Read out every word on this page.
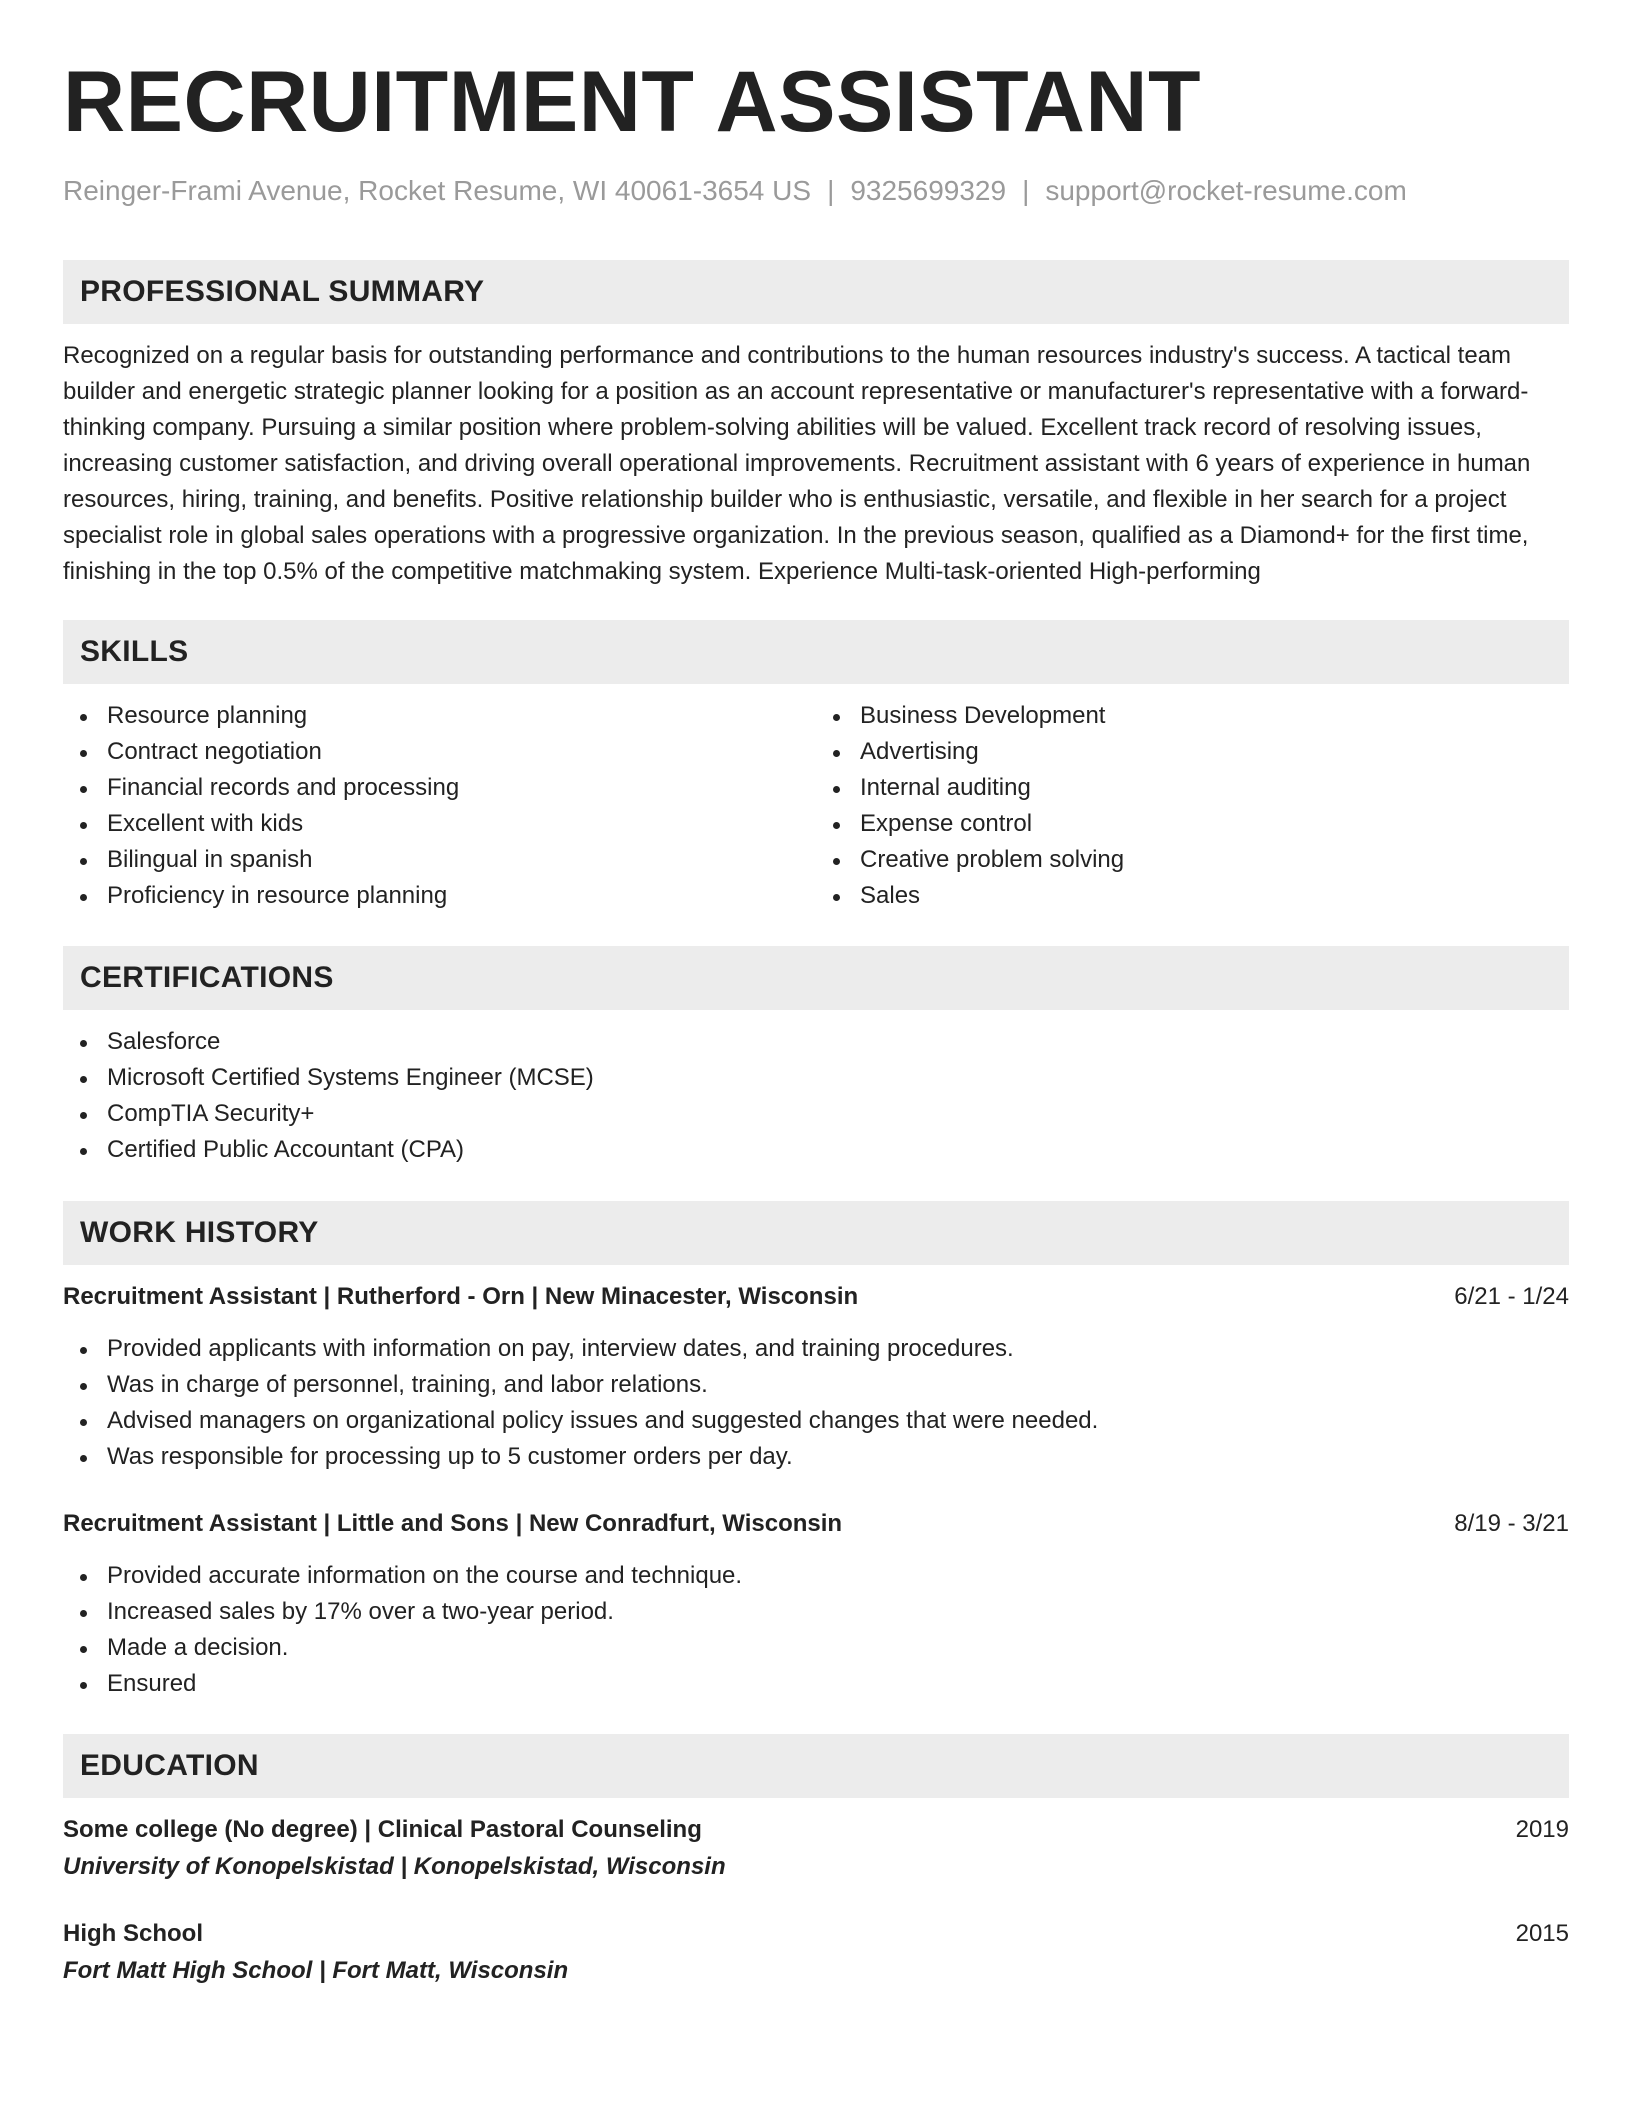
RECRUITMENT ASSISTANT
Reinger-Frami Avenue, Rocket Resume, WI 40061-3654 US | 9325699329 | support@rocket-resume.com
PROFESSIONAL SUMMARY

Recognized on a regular basis for outstanding performance and contributions to the human resources industry's success. A tactical team builder and energetic strategic planner looking for a position as an account representative or manufacturer's representative with a forward-thinking company. Pursuing a similar position where problem-solving abilities will be valued. Excellent track record of resolving issues, increasing customer satisfaction, and driving overall operational improvements. Recruitment assistant with 6 years of experience in human resources, hiring, training, and benefits. Positive relationship builder who is enthusiastic, versatile, and flexible in her search for a project specialist role in global sales operations with a progressive organization. In the previous season, qualified as a Diamond+ for the first time, finishing in the top 0.5% of the competitive matchmaking system. Experience Multi-task-oriented High-performing

SKILLS
Resource planning
Contract negotiation
Financial records and processing
Excellent with kids
Bilingual in spanish
Proficiency in resource planning
Business Development
Advertising
Internal auditing
Expense control
Creative problem solving
Sales
CERTIFICATIONS
Salesforce
Microsoft Certified Systems Engineer (MCSE)
CompTIA Security+
Certified Public Accountant (CPA)
WORK HISTORY
Recruitment Assistant | Rutherford - Orn | New Minacester, Wisconsin	6/21 - 1/24
Provided applicants with information on pay, interview dates, and training procedures.
Was in charge of personnel, training, and labor relations.
Advised managers on organizational policy issues and suggested changes that were needed.
Was responsible for processing up to 5 customer orders per day.
Recruitment Assistant | Little and Sons | New Conradfurt, Wisconsin	8/19 - 3/21
Provided accurate information on the course and technique.
Increased sales by 17% over a two-year period.
Made a decision.
Ensured
EDUCATION
Some college (No degree) | Clinical Pastoral Counseling	2019
University of Konopelskistad | Konopelskistad, Wisconsin
High School	2015
Fort Matt High School | Fort Matt, Wisconsin
